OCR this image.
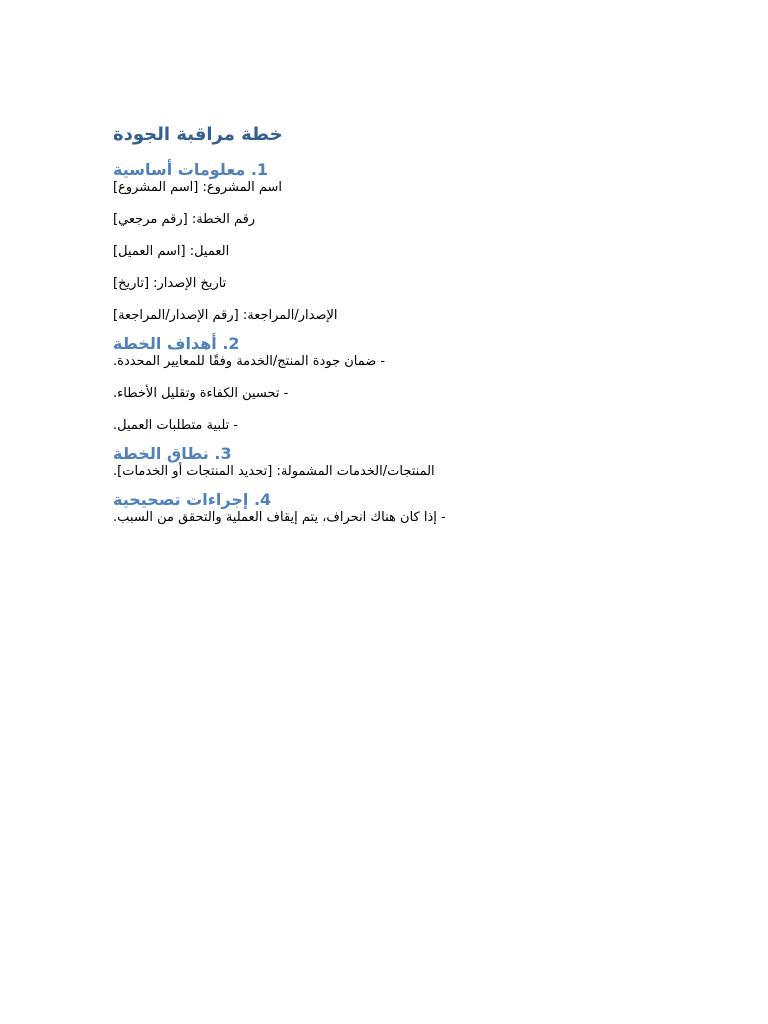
خطة مراقبة الجودة
1. معلومات أساسية
اسم المشروع: [اسم المشروع]
رقم الخطة: [رقم مرجعي]
العميل: [اسم العميل]
تاريخ الإصدار: [تاريخ]
الإصدار/المراجعة: [رقم الإصدار/المراجعة]
2. أهداف الخطة
- ضمان جودة المنتج/الخدمة وفقًا للمعايير المحددة.
- تحسين الكفاءة وتقليل الأخطاء.
- تلبية متطلبات العميل.
3. نطاق الخطة
المنتجات/الخدمات المشمولة: [تحديد المنتجات أو الخدمات].
4. إجراءات تصحيحية
- إذا كان هناك انحراف، يتم إيقاف العملية والتحقق من السبب.
